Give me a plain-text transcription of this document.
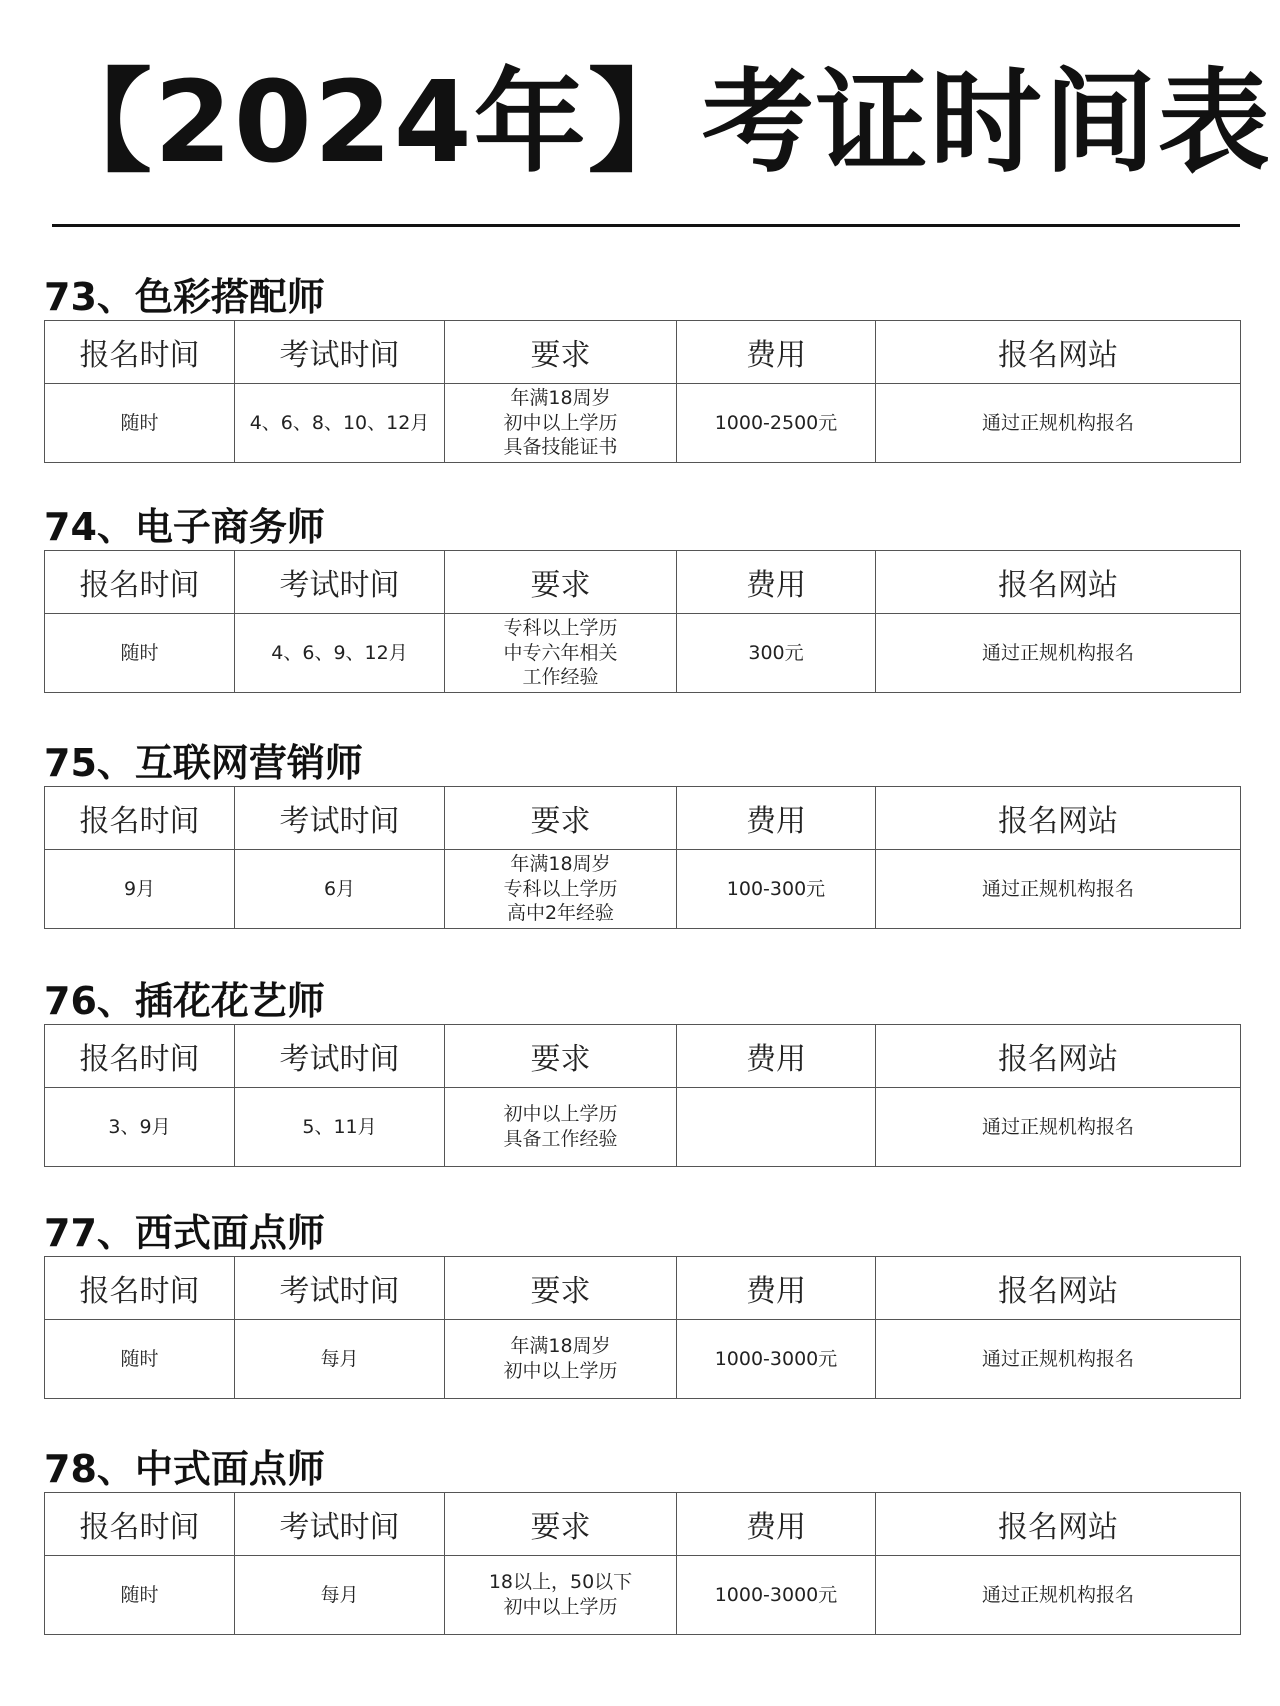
【2024年】考证时间表
73、色彩搭配师
报名时间	考试时间	要求	费用	报名网站
随时	4、6、8、10、12月	年满18周岁
初中以上学历
具备技能证书	1000-2500元	通过正规机构报名
74、电子商务师
报名时间	考试时间	要求	费用	报名网站
随时	4、6、9、12月	专科以上学历
中专六年相关
工作经验	300元	通过正规机构报名
75、互联网营销师
报名时间	考试时间	要求	费用	报名网站
9月	6月	年满18周岁
专科以上学历
高中2年经验	100-300元	通过正规机构报名
76、插花花艺师
报名时间	考试时间	要求	费用	报名网站
3、9月	5、11月	初中以上学历
具备工作经验		通过正规机构报名
77、西式面点师
报名时间	考试时间	要求	费用	报名网站
随时	每月	年满18周岁
初中以上学历	1000-3000元	通过正规机构报名
78、中式面点师
报名时间	考试时间	要求	费用	报名网站
随时	每月	18以上，50以下
初中以上学历	1000-3000元	通过正规机构报名
